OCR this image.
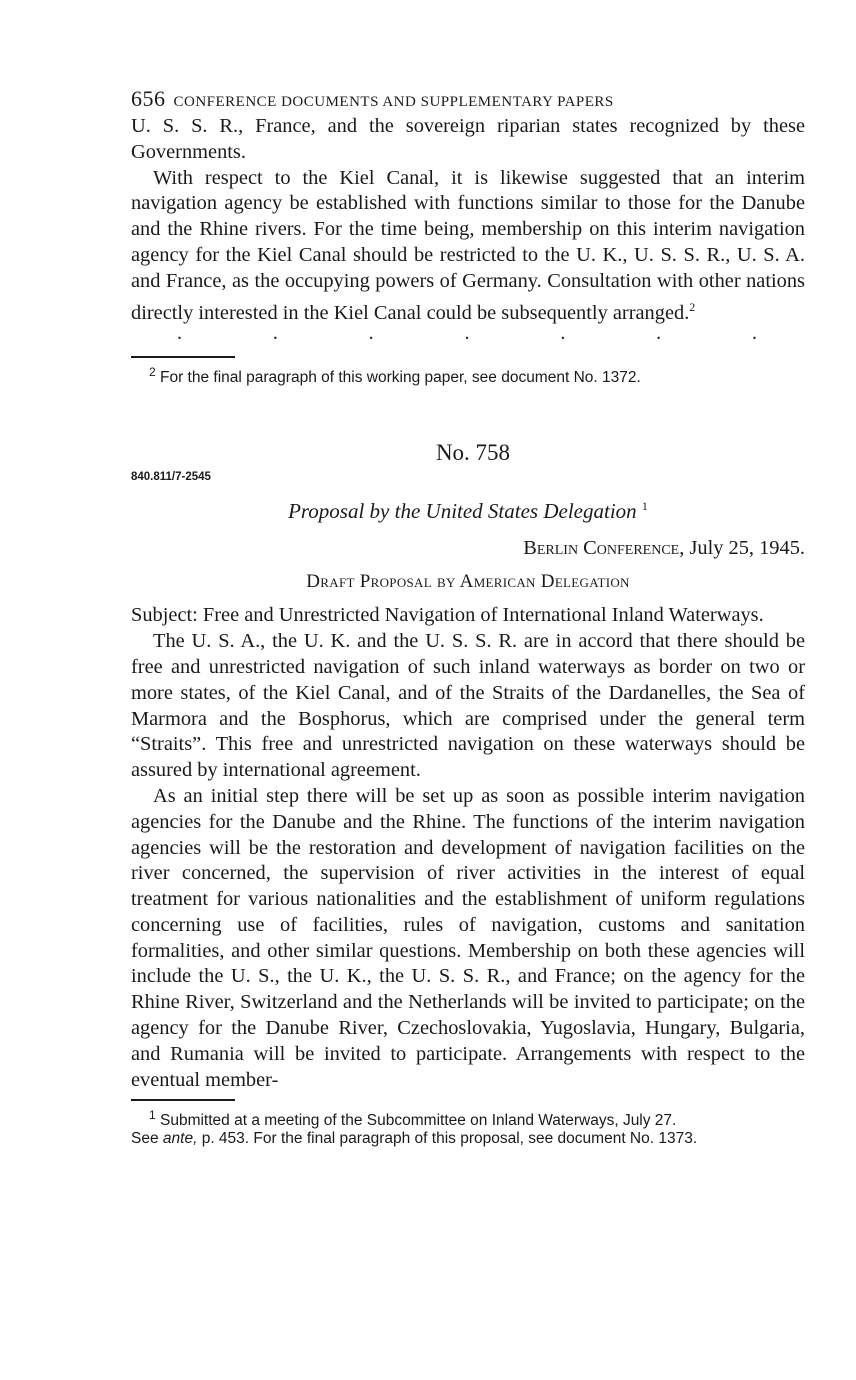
656 CONFERENCE DOCUMENTS AND SUPPLEMENTARY PAPERS

U. S. S. R., France, and the sovereign riparian states recognized by these Governments.

With respect to the Kiel Canal, it is likewise suggested that an interim navigation agency be established with functions similar to those for the Danube and the Rhine rivers. For the time being, membership on this interim navigation agency for the Kiel Canal should be restricted to the U. K., U. S. S. R., U. S. A. and France, as the occupying powers of Germany. Consultation with other nations directly interested in the Kiel Canal could be subsequently arranged.$^2$

.	.	.	.	.	.	.
$^2$ For the final paragraph of this working paper, see document No. 1372.
No. 758
840.811/7-2545
Proposal by the United States Delegation $^1$
Berlin Conference, July 25, 1945.
Draft Proposal by American Delegation
Subject: Free and Unrestricted Navigation of International Inland Waterways.

The U. S. A., the U. K. and the U. S. S. R. are in accord that there should be free and unrestricted navigation of such inland waterways as border on two or more states, of the Kiel Canal, and of the Straits of the Dardanelles, the Sea of Marmora and the Bosphorus, which are comprised under the general term “Straits”. This free and unrestricted navigation on these waterways should be assured by international agreement.

As an initial step there will be set up as soon as possible interim navigation agencies for the Danube and the Rhine. The functions of the interim navigation agencies will be the restoration and development of navigation facilities on the river concerned, the supervision of river activities in the interest of equal treatment for various nationalities and the establishment of uniform regulations concerning use of facilities, rules of navigation, customs and sanitation formalities, and other similar questions. Membership on both these agencies will include the U. S., the U. K., the U. S. S. R., and France; on the agency for the Rhine River, Switzerland and the Netherlands will be invited to participate; on the agency for the Danube River, Czechoslovakia, Yugoslavia, Hungary, Bulgaria, and Rumania will be invited to participate. Arrangements with respect to the eventual member-

$^1$ Submitted at a meeting of the Subcommittee on Inland Waterways, July 27.
See ante, p. 453. For the final paragraph of this proposal, see document No. 1373.
